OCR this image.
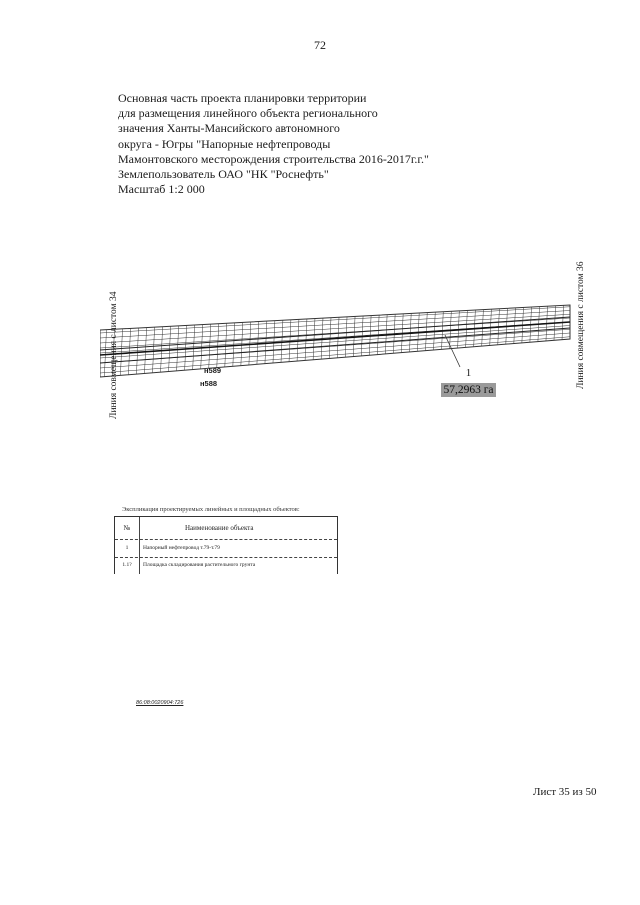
72
Основная часть проекта планировки территории
для размещения линейного объекта регионального
значения Ханты-Мансийского автономного
округа - Югры "Напорные нефтепроводы
Мамонтовского месторождения строительства 2016-2017г.г."
Землепользователь ОАО "НК "Роснефть"
Масштаб 1:2 000
Линия совмещения с листом 34	Линия совмещения с листом 36
н589
н588
1
57,2963 га
Экспликация проектируемых линейных и площадных объектов:
№	Наименование объекта
1	Напорный нефтепровод т.79-т.79
1.1?	Площадка складирования растительного грунта
86:08:0020904:726
Лист 35 из 50
